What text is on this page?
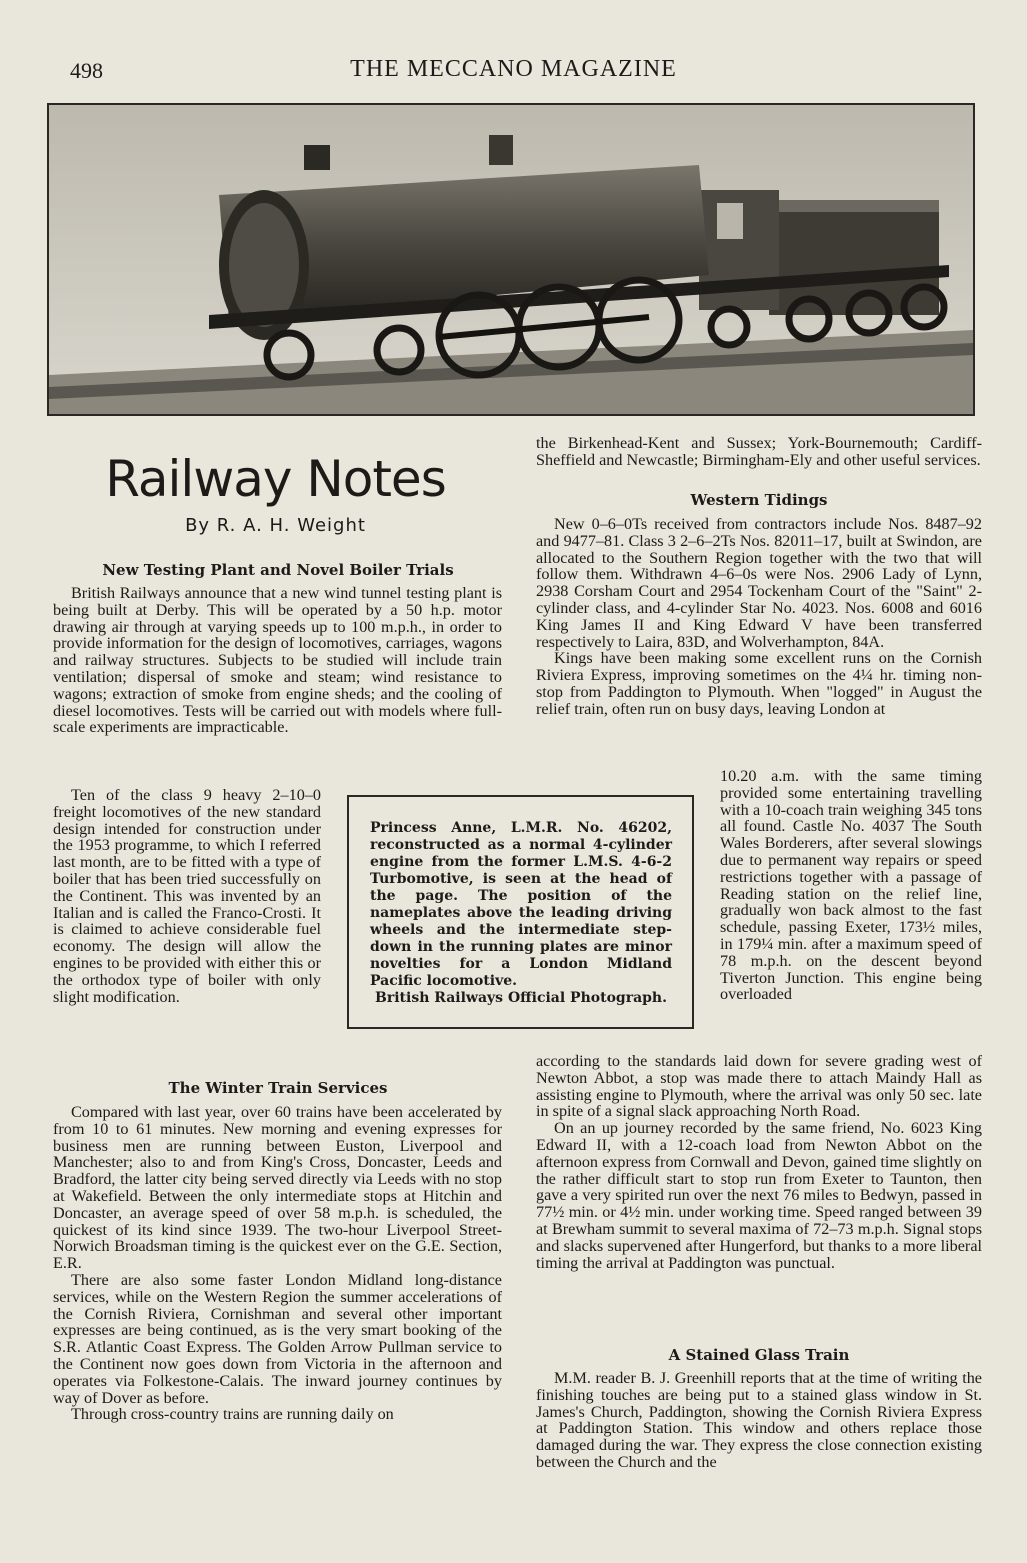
498	THE MECCANO MAGAZINE
Railway Notes
By R. A. H. Weight
New Testing Plant and Novel Boiler Trials

British Railways announce that a new wind tunnel testing plant is being built at Derby. This will be operated by a 50 h.p. motor drawing air through at varying speeds up to 100 m.p.h., in order to provide information for the design of locomotives, carriages, wagons and railway structures. Subjects to be studied will include train ventilation; dispersal of smoke and steam; wind resistance to wagons; extraction of smoke from engine sheds; and the cooling of diesel locomotives. Tests will be carried out with models where full-scale experiments are impracticable.

Ten of the class 9 heavy 2–10–0 freight locomotives of the new standard design intended for construction under the 1953 programme, to which I referred last month, are to be fitted with a type of boiler that has been tried successfully on the Continent. This was invented by an Italian and is called the Franco-Crosti. It is claimed to achieve considerable fuel economy. The design will allow the engines to be provided with either this or the orthodox type of boiler with only slight modification.

The Winter Train Services

Compared with last year, over 60 trains have been accelerated by from 10 to 61 minutes. New morning and evening expresses for business men are running between Euston, Liverpool and Manchester; also to and from King's Cross, Doncaster, Leeds and Bradford, the latter city being served directly via Leeds with no stop at Wakefield. Between the only intermediate stops at Hitchin and Doncaster, an average speed of over 58 m.p.h. is scheduled, the quickest of its kind since 1939. The two-hour Liverpool Street-Norwich Broadsman timing is the quickest ever on the G.E. Section, E.R.

There are also some faster London Midland long-distance services, while on the Western Region the summer accelerations of the Cornish Riviera, Cornishman and several other important expresses are being continued, as is the very smart booking of the S.R. Atlantic Coast Express. The Golden Arrow Pullman service to the Continent now goes down from Victoria in the afternoon and operates via Folkestone-Calais. The inward journey continues by way of Dover as before.

Through cross-country trains are running daily on

Princess Anne, L.M.R. No. 46202, reconstructed as a normal 4-cylinder engine from the former L.M.S. 4-6-2 Turbomotive, is seen at the head of the page. The position of the nameplates above the leading driving wheels and the intermediate step-down in the running plates are minor novelties for a London Midland Pacific locomotive.
British Railways Official Photograph.

the Birkenhead-Kent and Sussex; York-Bournemouth; Cardiff-Sheffield and Newcastle; Birmingham-Ely and other useful services.

Western Tidings

New 0–6–0Ts received from contractors include Nos. 8487–92 and 9477–81. Class 3 2–6–2Ts Nos. 82011–17, built at Swindon, are allocated to the Southern Region together with the two that will follow them. Withdrawn 4–6–0s were Nos. 2906 Lady of Lynn, 2938 Corsham Court and 2954 Tockenham Court of the "Saint" 2-cylinder class, and 4-cylinder Star No. 4023. Nos. 6008 and 6016 King James II and King Edward V have been transferred respectively to Laira, 83D, and Wolverhampton, 84A.

Kings have been making some excellent runs on the Cornish Riviera Express, improving sometimes on the 4¼ hr. timing non-stop from Paddington to Plymouth. When "logged" in August the relief train, often run on busy days, leaving London at

10.20 a.m. with the same timing provided some entertaining travelling with a 10-coach train weighing 345 tons all found. Castle No. 4037 The South Wales Borderers, after several slowings due to permanent way repairs or speed restrictions together with a passage of Reading station on the relief line, gradually won back almost to the fast schedule, passing Exeter, 173½ miles, in 179¼ min. after a maximum speed of 78 m.p.h. on the descent beyond Tiverton Junction. This engine being overloaded

according to the standards laid down for severe grading west of Newton Abbot, a stop was made there to attach Maindy Hall as assisting engine to Plymouth, where the arrival was only 50 sec. late in spite of a signal slack approaching North Road.

On an up journey recorded by the same friend, No. 6023 King Edward II, with a 12-coach load from Newton Abbot on the afternoon express from Cornwall and Devon, gained time slightly on the rather difficult start to stop run from Exeter to Taunton, then gave a very spirited run over the next 76 miles to Bedwyn, passed in 77½ min. or 4½ min. under working time. Speed ranged between 39 at Brewham summit to several maxima of 72–73 m.p.h. Signal stops and slacks supervened after Hungerford, but thanks to a more liberal timing the arrival at Paddington was punctual.

A Stained Glass Train

M.M. reader B. J. Greenhill reports that at the time of writing the finishing touches are being put to a stained glass window in St. James's Church, Paddington, showing the Cornish Riviera Express at Paddington Station. This window and others replace those damaged during the war. They express the close connection existing between the Church and the
